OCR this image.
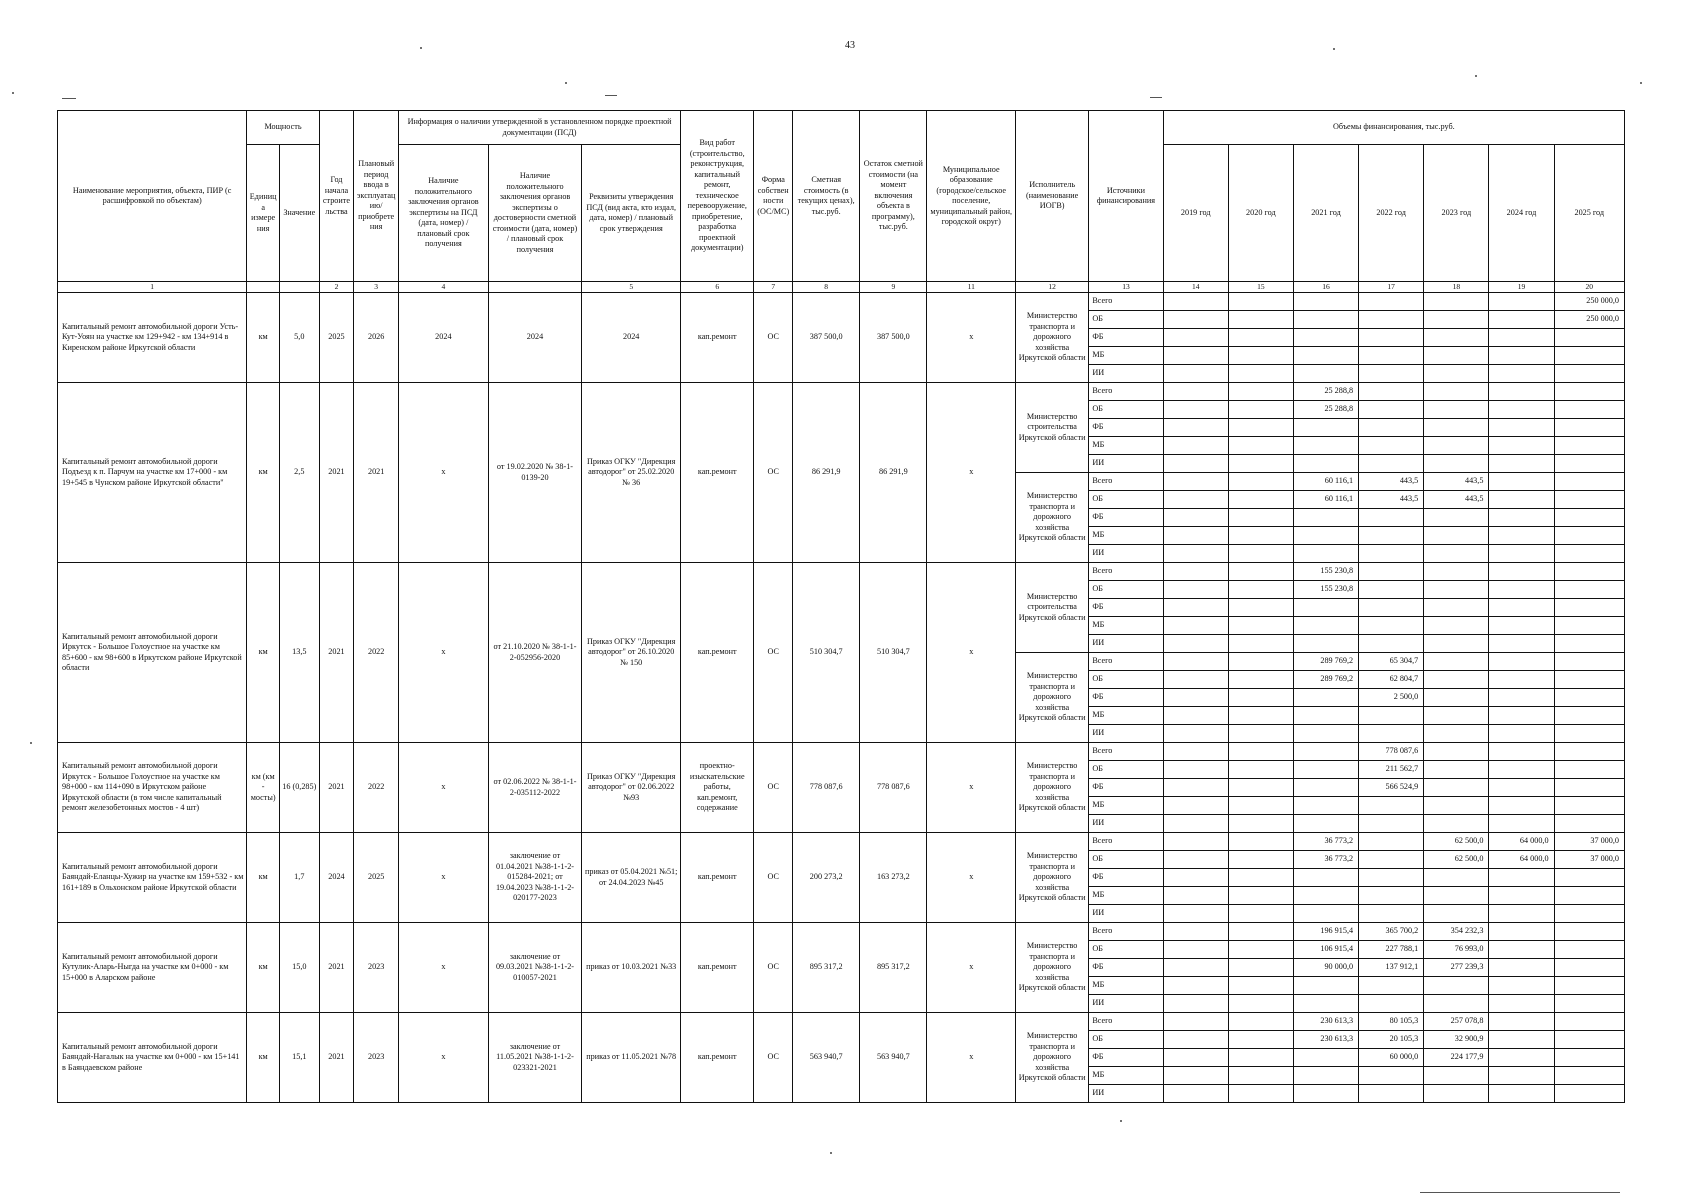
43
Наименование мероприятия, объекта, ПИР (с расшифровкой по объектам)	Мощность		Год начала строительства	Плановый период ввода в эксплуатацию/приобретения	Информация о наличии утвержденной в установленном порядке проектной документации (ПСД)			Вид работ (строительство, реконструкция, капитальный ремонт, техническое перевооружение, приобретение, разработка проектной документации)	Форма собственности (ОС/МС)	Сметная стоимость (в текущих ценах), тыс.руб.	Остаток сметной стоимости (на момент включения объекта в программу), тыс.руб.	Муниципальное образование (городское/сельское поселение, муниципальный район, городской округ)	Исполнитель (наименование ИОГВ)	Источники финансирования	Объемы финансирования, тыс.руб.						
	Единица измерения	Значение			Наличие положительного заключения органов экспертизы на ПСД (дата, номер) / плановый срок получения	Наличие положительного заключения органов экспертизы о достоверности сметной стоимости (дата, номер) / плановый срок получения	Реквизиты утверждения ПСД (вид акта, кто издал, дата, номер) / плановый срок утверждения								2019 год	2020 год	2021 год	2022 год	2023 год	2024 год	2025 год
1			2	3	4		5	6	7	8	9	11	12	13	14	15	16	17	18	19	20
Капитальный ремонт автомобильной дороги Усть-Кут-Уоян на участке км 129+942 - км 134+914 в Киренском районе Иркутской области	км	5,0	2025	2026	2024	2024	2024	кап.ремонт	ОС	387 500,0	387 500,0	х	Министерство транспорта и дорожного хозяйства Иркутской области	Всего							250 000,0
														ОБ							250 000,0
														ФБ							
														МБ							
														ИИ							
Капитальный ремонт автомобильной дороги Подъезд к п. Парчум на участке км 17+000 - км 19+545 в Чунском районе Иркутской области"	км	2,5	2021	2021	х	от 19.02.2020 № 38-1-0139-20	Приказ ОГКУ "Дирекция автодорог" от 25.02.2020 № 36	кап.ремонт	ОС	86 291,9	86 291,9	х	Министерство строительства Иркутской области	Всего			25 288,8				
														ОБ			25 288,8				
														ФБ							
														МБ							
														ИИ							
													Министерство транспорта и дорожного хозяйства Иркутской области	Всего			60 116,1	443,5	443,5		
														ОБ			60 116,1	443,5	443,5		
														ФБ							
														МБ							
														ИИ							
Капитальный ремонт автомобильной дороги Иркутск - Большое Голоустное на участке км 85+600 - км 98+600 в Иркутском районе Иркутской области	км	13,5	2021	2022	х	от 21.10.2020 № 38-1-1-2-052956-2020	Приказ ОГКУ "Дирекция автодорог" от 26.10.2020 № 150	кап.ремонт	ОС	510 304,7	510 304,7	х	Министерство строительства Иркутской области	Всего			155 230,8				
														ОБ			155 230,8				
														ФБ							
														МБ							
														ИИ							
													Министерство транспорта и дорожного хозяйства Иркутской области	Всего			289 769,2	65 304,7			
														ОБ			289 769,2	62 804,7			
														ФБ				2 500,0			
														МБ							
														ИИ							
Капитальный ремонт автомобильной дороги Иркутск - Большое Голоустное на участке км 98+000 - км 114+090 в Иркутском районе Иркутской области (в том числе капитальный ремонт железобетонных мостов - 4 шт)	км (км - мосты)	16 (0,285)	2021	2022	х	от 02.06.2022 № 38-1-1-2-035112-2022	Приказ ОГКУ "Дирекция автодорог" от 02.06.2022 №93	проектно-изыскательские работы, кап.ремонт, содержание	ОС	778 087,6	778 087,6	х	Министерство транспорта и дорожного хозяйства Иркутской области	Всего				778 087,6			
														ОБ				211 562,7			
														ФБ				566 524,9			
														МБ							
														ИИ							
Капитальный ремонт автомобильной дороги Баяндай-Еланцы-Хужир на участке км 159+532 - км 161+189 в Ольхонском районе Иркутской области	км	1,7	2024	2025	х	заключение от 01.04.2021 №38-1-1-2-015284-2021; от 19.04.2023 №38-1-1-2-020177-2023	приказ от 05.04.2021 №51; от 24.04.2023 №45	кап.ремонт	ОС	200 273,2	163 273,2	х	Министерство транспорта и дорожного хозяйства Иркутской области	Всего			36 773,2		62 500,0	64 000,0	37 000,0
														ОБ			36 773,2		62 500,0	64 000,0	37 000,0
														ФБ							
														МБ							
														ИИ							
Капитальный ремонт автомобильной дороги Кутулик-Аларь-Ныгда на участке км 0+000 - км 15+000 в Аларском районе	км	15,0	2021	2023	х	заключение от 09.03.2021 №38-1-1-2-010057-2021	приказ от 10.03.2021 №33	кап.ремонт	ОС	895 317,2	895 317,2	х	Министерство транспорта и дорожного хозяйства Иркутской области	Всего			196 915,4	365 700,2	354 232,3		
														ОБ			106 915,4	227 788,1	76 993,0		
														ФБ			90 000,0	137 912,1	277 239,3		
														МБ							
														ИИ							
Капитальный ремонт автомобильной дороги Баяндай-Нагалык на участке км 0+000 - км 15+141 в Баяндаевском районе	км	15,1	2021	2023	х	заключение от 11.05.2021 №38-1-1-2-023321-2021	приказ от 11.05.2021 №78	кап.ремонт	ОС	563 940,7	563 940,7	х	Министерство транспорта и дорожного хозяйства Иркутской области	Всего			230 613,3	80 105,3	257 078,8		
														ОБ			230 613,3	20 105,3	32 900,9		
														ФБ				60 000,0	224 177,9		
														МБ							
														ИИ							
